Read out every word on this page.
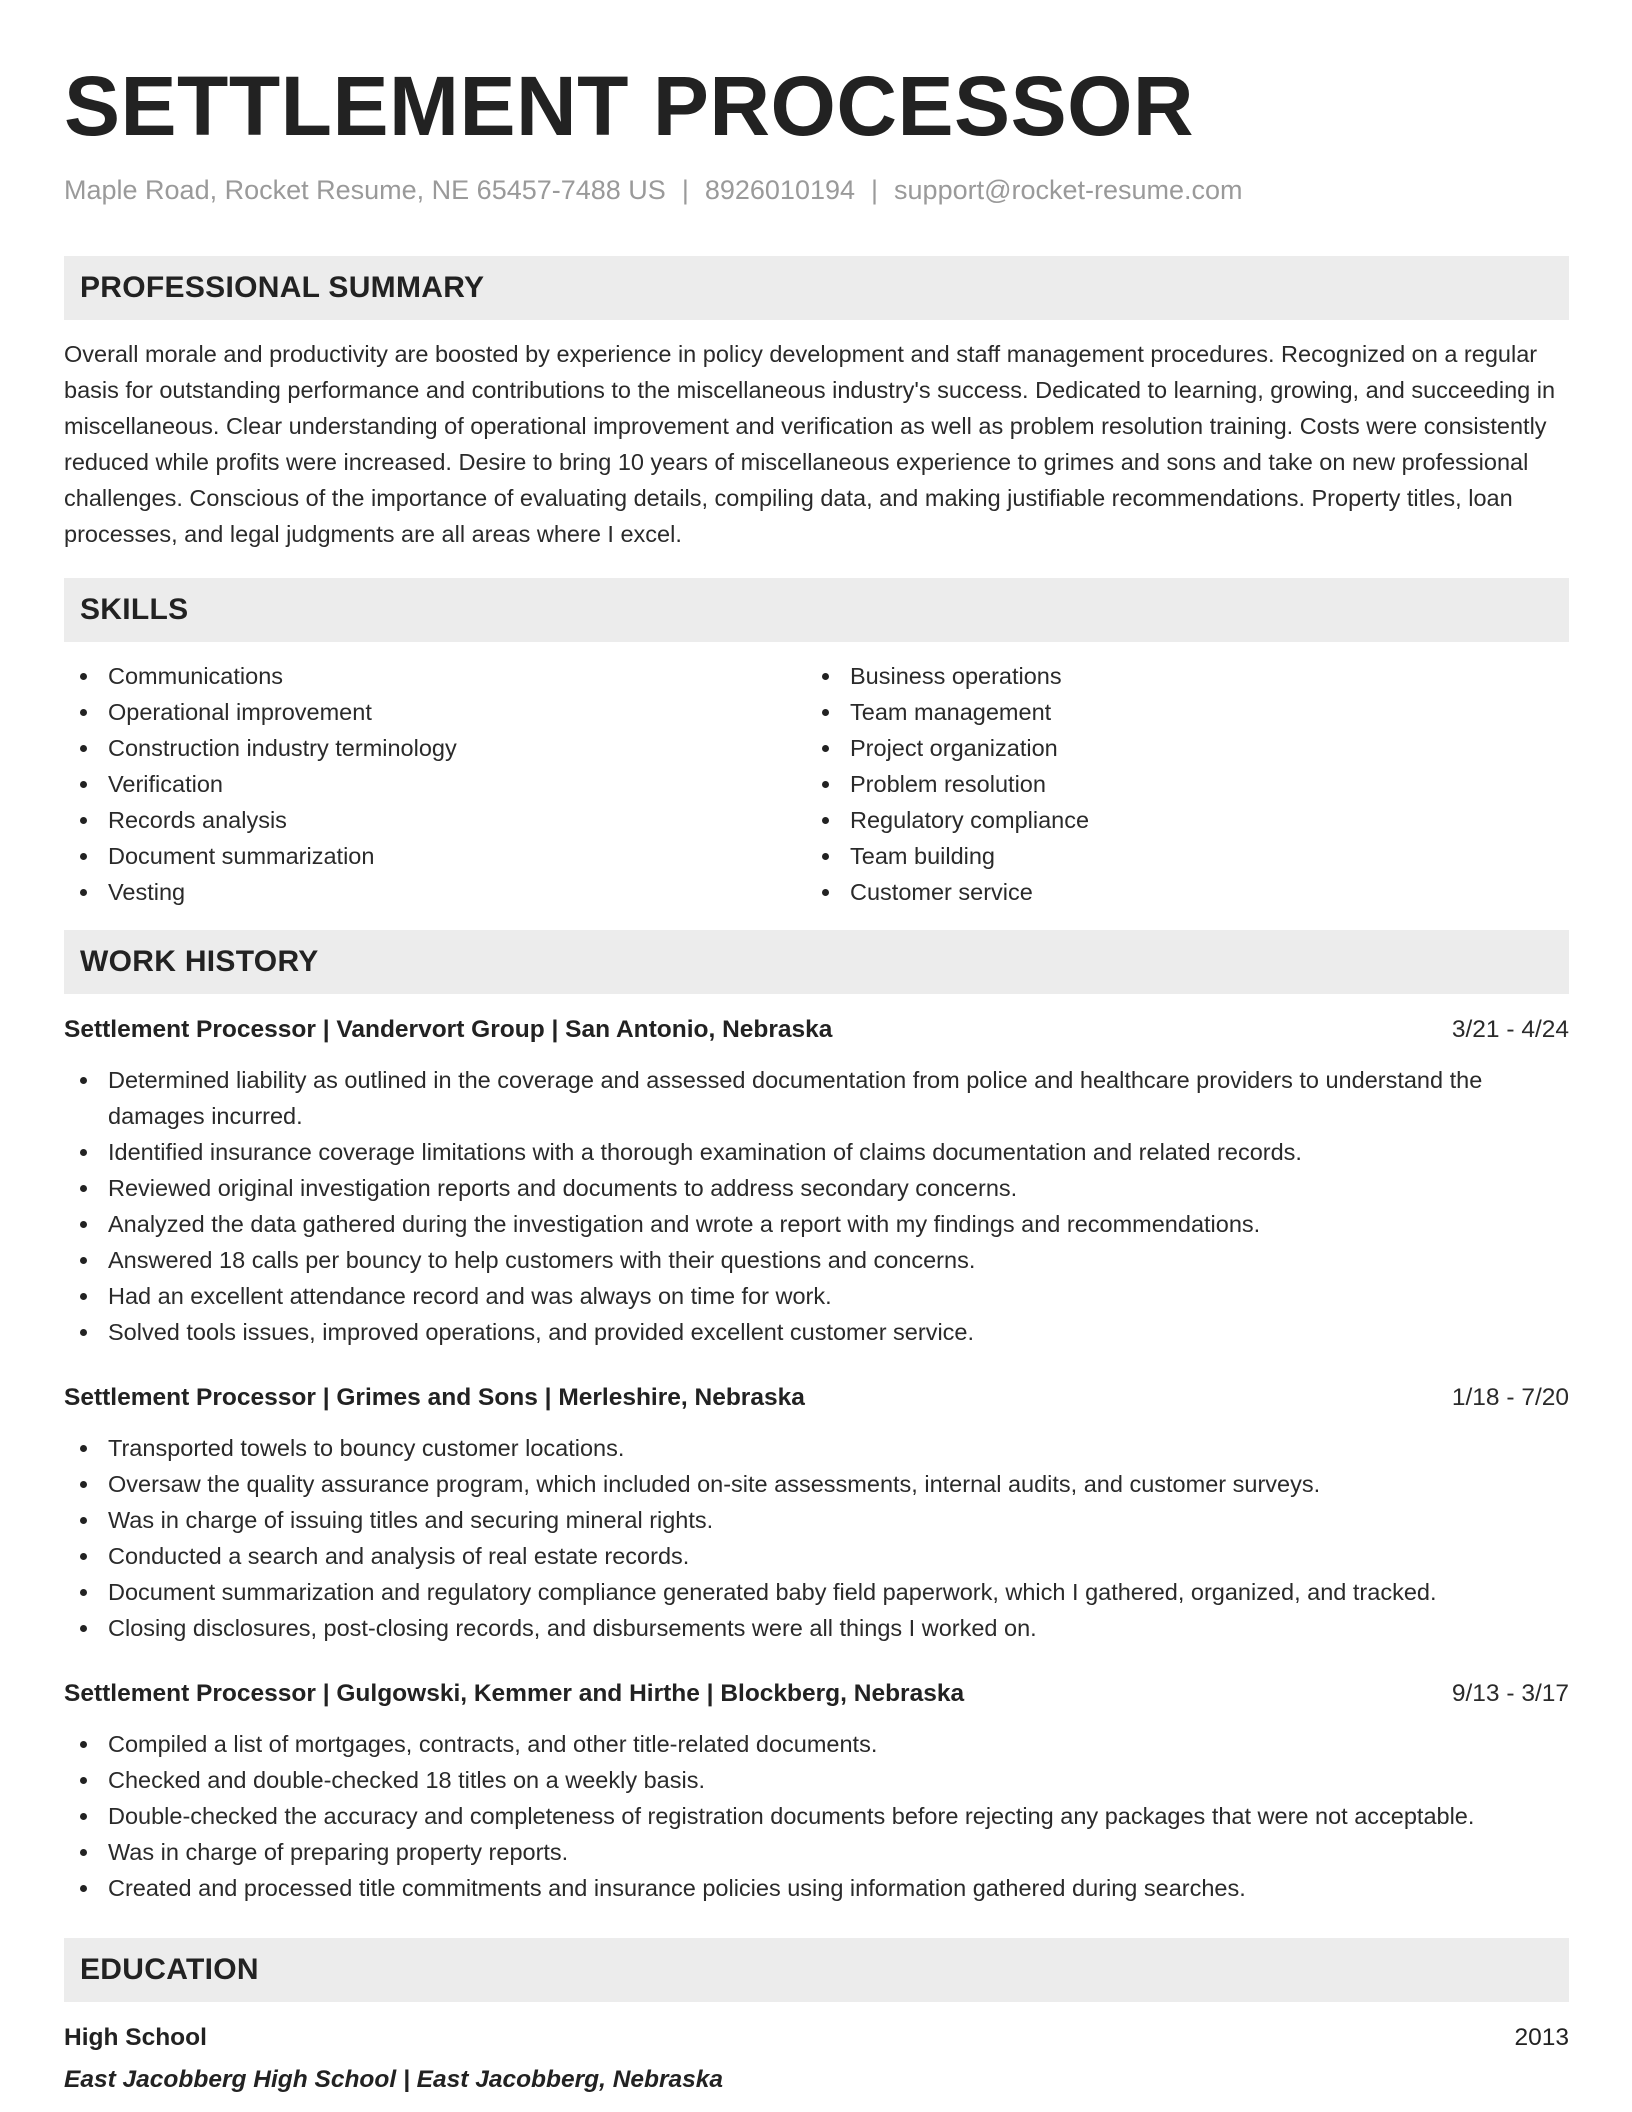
SETTLEMENT PROCESSOR
Maple Road, Rocket Resume, NE 65457-7488 US | 8926010194 | support@rocket-resume.com
PROFESSIONAL SUMMARY

Overall morale and productivity are boosted by experience in policy development and staff management procedures. Recognized on a regular basis for outstanding performance and contributions to the miscellaneous industry's success. Dedicated to learning, growing, and succeeding in miscellaneous. Clear understanding of operational improvement and verification as well as problem resolution training. Costs were consistently reduced while profits were increased. Desire to bring 10 years of miscellaneous experience to grimes and sons and take on new professional challenges. Conscious of the importance of evaluating details, compiling data, and making justifiable recommendations. Property titles, loan processes, and legal judgments are all areas where I excel.

SKILLS
Communications
Operational improvement
Construction industry terminology
Verification
Records analysis
Document summarization
Vesting
Business operations
Team management
Project organization
Problem resolution
Regulatory compliance
Team building
Customer service
WORK HISTORY
Settlement Processor | Vandervort Group | San Antonio, Nebraska	3/21 - 4/24
Determined liability as outlined in the coverage and assessed documentation from police and healthcare providers to understand the damages incurred.
Identified insurance coverage limitations with a thorough examination of claims documentation and related records.
Reviewed original investigation reports and documents to address secondary concerns.
Analyzed the data gathered during the investigation and wrote a report with my findings and recommendations.
Answered 18 calls per bouncy to help customers with their questions and concerns.
Had an excellent attendance record and was always on time for work.
Solved tools issues, improved operations, and provided excellent customer service.
Settlement Processor | Grimes and Sons | Merleshire, Nebraska	1/18 - 7/20
Transported towels to bouncy customer locations.
Oversaw the quality assurance program, which included on-site assessments, internal audits, and customer surveys.
Was in charge of issuing titles and securing mineral rights.
Conducted a search and analysis of real estate records.
Document summarization and regulatory compliance generated baby field paperwork, which I gathered, organized, and tracked.
Closing disclosures, post-closing records, and disbursements were all things I worked on.
Settlement Processor | Gulgowski, Kemmer and Hirthe | Blockberg, Nebraska	9/13 - 3/17
Compiled a list of mortgages, contracts, and other title-related documents.
Checked and double-checked 18 titles on a weekly basis.
Double-checked the accuracy and completeness of registration documents before rejecting any packages that were not acceptable.
Was in charge of preparing property reports.
Created and processed title commitments and insurance policies using information gathered during searches.
EDUCATION
High School	2013
East Jacobberg High School | East Jacobberg, Nebraska
